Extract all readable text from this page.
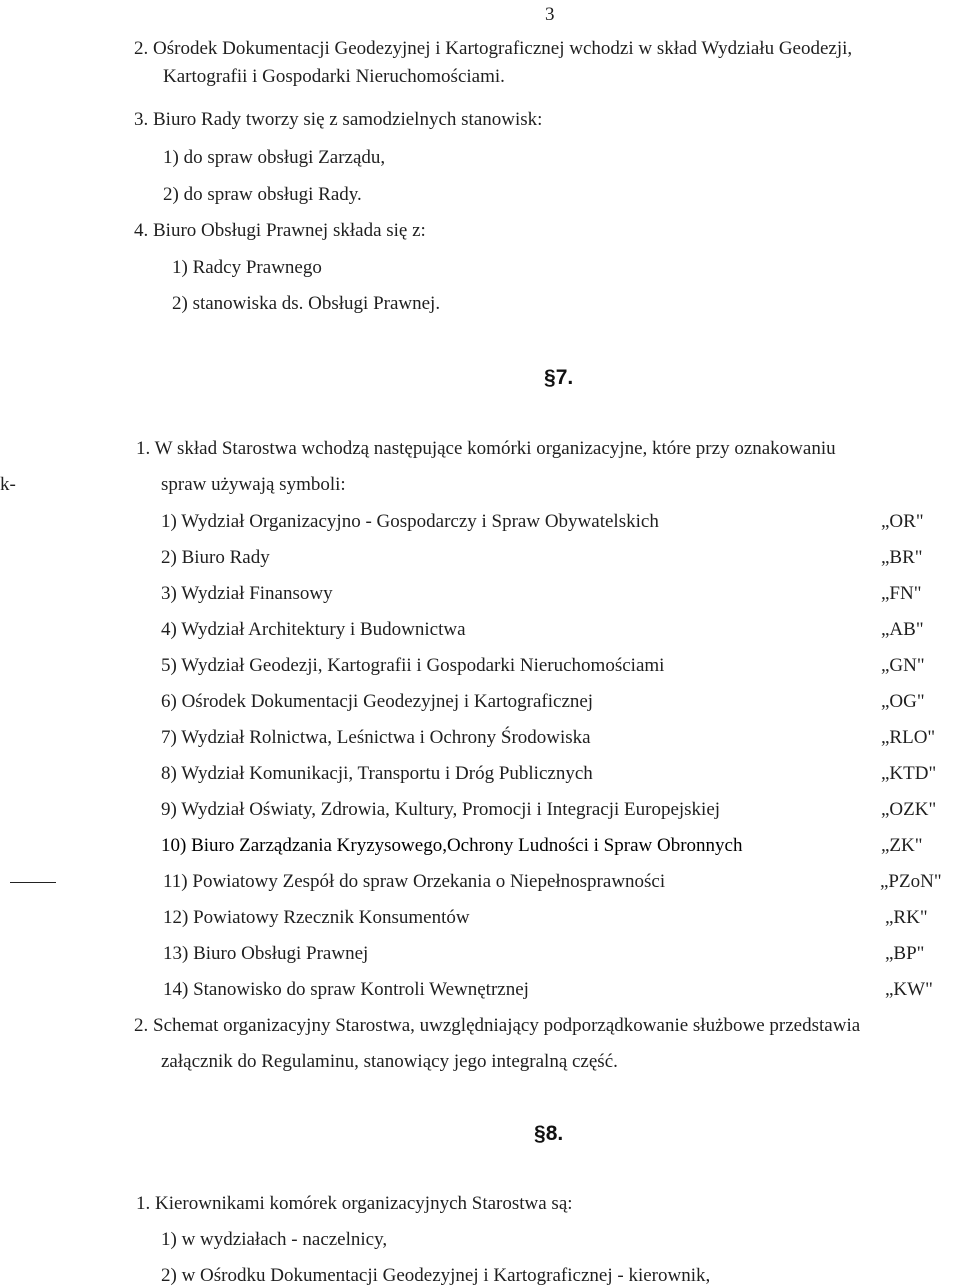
3
2. Ośrodek Dokumentacji Geodezyjnej i Kartograficznej wchodzi w skład Wydziału Geodezji,
Kartografii i Gospodarki Nieruchomościami.
3. Biuro Rady tworzy się z samodzielnych stanowisk:
1) do spraw obsługi Zarządu,
2) do spraw obsługi Rady.
4. Biuro Obsługi Prawnej składa się z:
1) Radcy Prawnego
2) stanowiska ds. Obsługi Prawnej.
§7.
1. W skład Starostwa wchodzą następujące komórki organizacyjne, które przy oznakowaniu
k-	spraw używają symboli:
1) Wydział Organizacyjno - Gospodarczy i Spraw Obywatelskich	„OR"
2) Biuro Rady	„BR"
3) Wydział Finansowy	„FN"
4) Wydział Architektury i Budownictwa	„AB"
5) Wydział Geodezji, Kartografii i Gospodarki Nieruchomościami	„GN"
6) Ośrodek Dokumentacji Geodezyjnej i Kartograficznej	„OG"
7) Wydział Rolnictwa, Leśnictwa i Ochrony Środowiska	„RLO"
8) Wydział Komunikacji, Transportu i Dróg Publicznych	„KTD"
9) Wydział Oświaty, Zdrowia, Kultury, Promocji i Integracji Europejskiej	„OZK"
10) Biuro Zarządzania Kryzysowego,Ochrony Ludności i Spraw Obronnych	„ZK"
11) Powiatowy Zespół do spraw Orzekania o Niepełnosprawności	„PZoN"
12) Powiatowy Rzecznik Konsumentów	„RK"
13) Biuro Obsługi Prawnej	„BP"
14) Stanowisko do spraw Kontroli Wewnętrznej	„KW"
2. Schemat organizacyjny Starostwa, uwzględniający podporządkowanie służbowe przedstawia
załącznik do Regulaminu, stanowiący jego integralną część.
§8.
1. Kierownikami komórek organizacyjnych Starostwa są:
1) w wydziałach - naczelnicy,
2) w Ośrodku Dokumentacji Geodezyjnej i Kartograficznej - kierownik,
